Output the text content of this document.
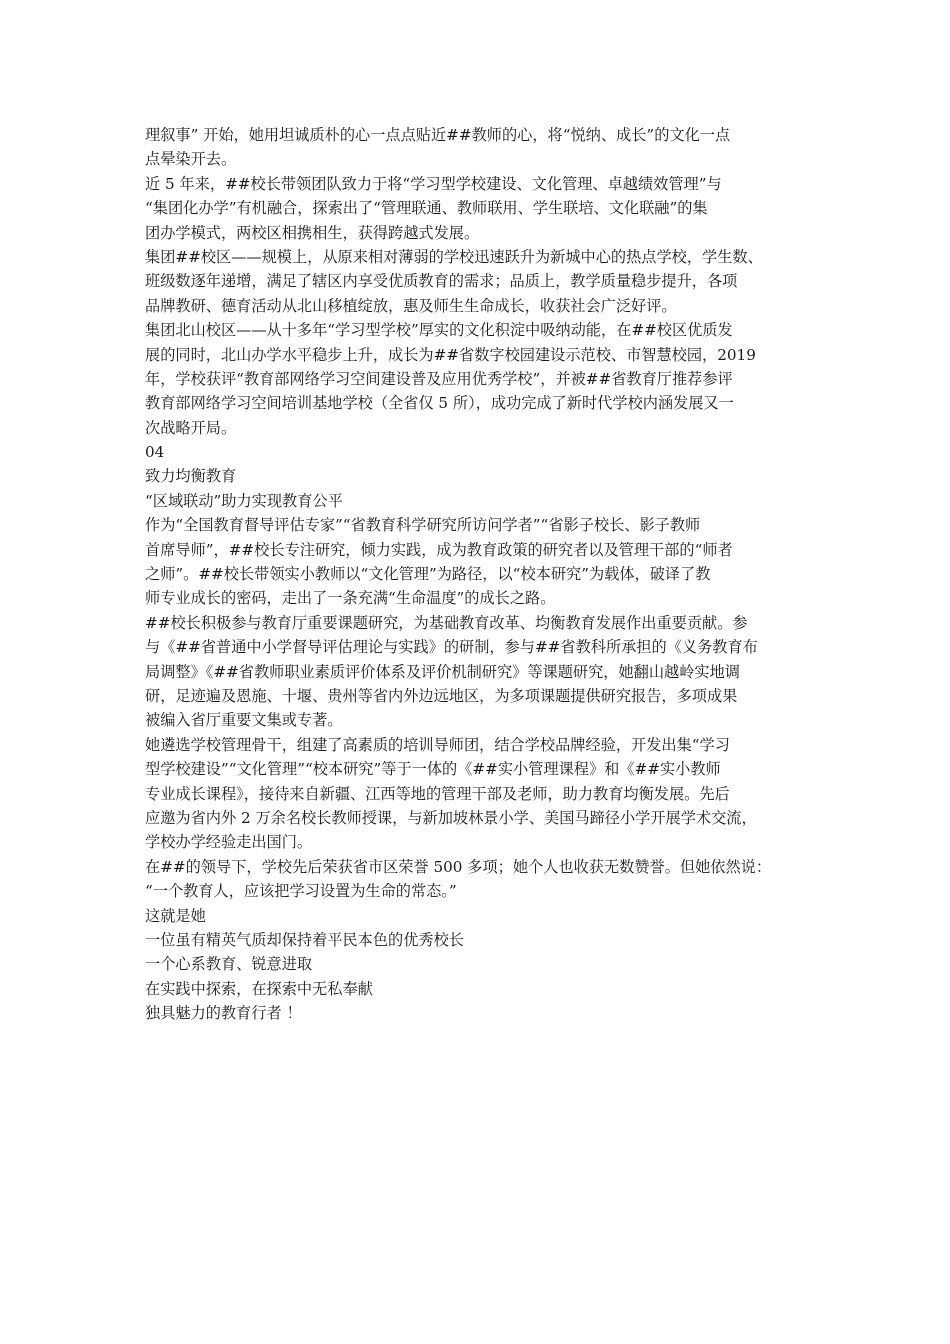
理叙事” 开始，她用坦诚质朴的心一点点贴近##教师的心，将“悦纳、成长”的文化一点
点晕染开去。
近 5 年来，##校长带领团队致力于将“学习型学校建设、文化管理、卓越绩效管理”与
“集团化办学”有机融合，探索出了“管理联通、教师联用、学生联培、文化联融”的集
团办学模式，两校区相携相生，获得跨越式发展。
集团##校区——规模上，从原来相对薄弱的学校迅速跃升为新城中心的热点学校，学生数、
班级数逐年递增，满足了辖区内享受优质教育的需求；品质上，教学质量稳步提升，各项
品牌教研、德育活动从北山移植绽放，惠及师生生命成长，收获社会广泛好评。
集团北山校区——从十多年“学习型学校”厚实的文化积淀中吸纳动能，在##校区优质发
展的同时，北山办学水平稳步上升，成长为##省数字校园建设示范校、市智慧校园，2019
年，学校获评“教育部网络学习空间建设普及应用优秀学校”，并被##省教育厅推荐参评
教育部网络学习空间培训基地学校（全省仅 5 所），成功完成了新时代学校内涵发展又一
次战略开局。
04
致力均衡教育
“区域联动”助力实现教育公平
作为“全国教育督导评估专家”“省教育科学研究所访问学者”“省影子校长、影子教师
首席导师”，##校长专注研究，倾力实践，成为教育政策的研究者以及管理干部的“师者
之师”。##校长带领实小教师以“文化管理”为路径，以“校本研究”为载体，破译了教
师专业成长的密码，走出了一条充满“生命温度”的成长之路。
##校长积极参与教育厅重要课题研究，为基础教育改革、均衡教育发展作出重要贡献。参
与《##省普通中小学督导评估理论与实践》的研制，参与##省教科所承担的《义务教育布
局调整》《##省教师职业素质评价体系及评价机制研究》等课题研究，她翻山越岭实地调
研，足迹遍及恩施、十堰、贵州等省内外边远地区，为多项课题提供研究报告，多项成果
被编入省厅重要文集或专著。
她遴选学校管理骨干，组建了高素质的培训导师团，结合学校品牌经验，开发出集“学习
型学校建设”“文化管理”“校本研究”等于一体的《##实小管理课程》和《##实小教师
专业成长课程》，接待来自新疆、江西等地的管理干部及老师，助力教育均衡发展。先后
应邀为省内外 2 万余名校长教师授课，与新加坡林景小学、美国马蹄径小学开展学术交流，
学校办学经验走出国门。
在##的领导下，学校先后荣获省市区荣誉 500 多项；她个人也收获无数赞誉。但她依然说：
“一个教育人，应该把学习设置为生命的常态。”
这就是她
一位虽有精英气质却保持着平民本色的优秀校长
一个心系教育、锐意进取
在实践中探索，在探索中无私奉献
独具魅力的教育行者 ！
